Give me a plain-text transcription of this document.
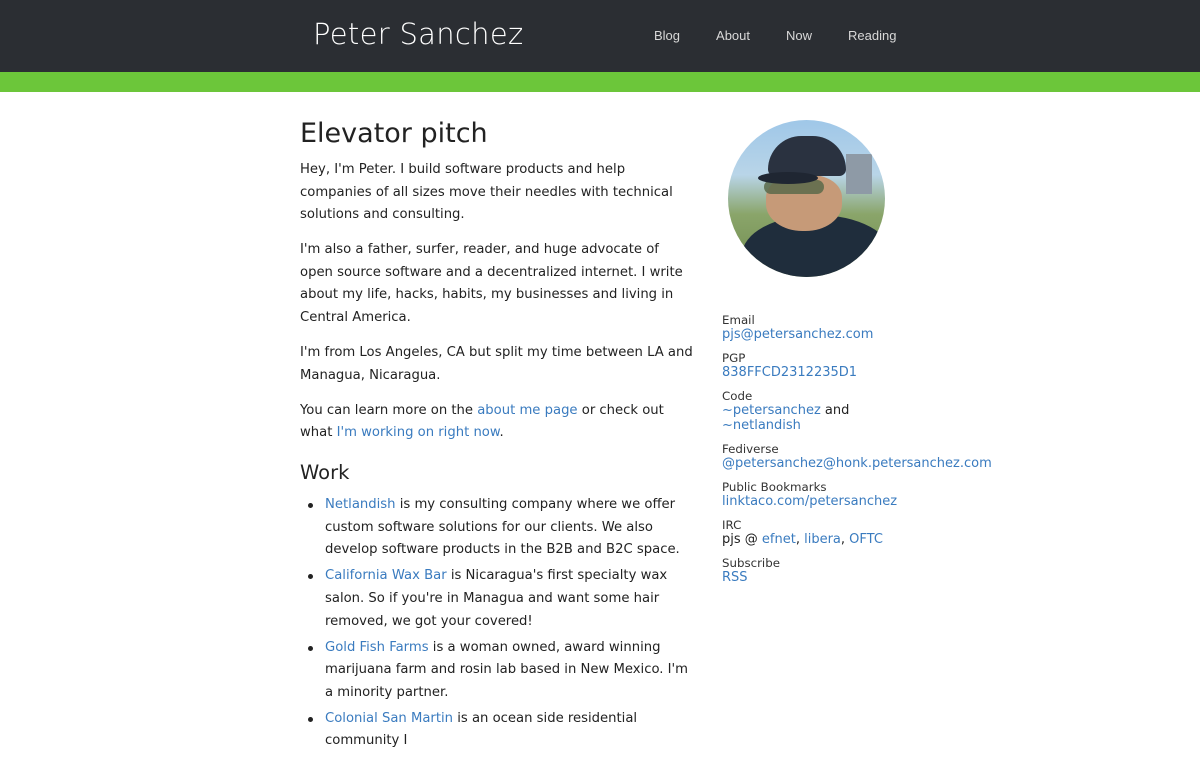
Peter Sanchez	Blog	About	Now	Reading
Elevator pitch

Hey, I'm Peter. I build software products and help companies of all sizes move their needles with technical solutions and consulting.

I'm also a father, surfer, reader, and huge advocate of open source software and a decentralized internet. I write about my life, hacks, habits, my businesses and living in Central America.

I'm from Los Angeles, CA but split my time between LA and Managua, Nicaragua.

You can learn more on the about me page or check out what I'm working on right now.

Work
Netlandish is my consulting company where we offer custom software solutions for our clients. We also develop software products in the B2B and B2C space.
California Wax Bar is Nicaragua's first specialty wax salon. So if you're in Managua and want some hair removed, we got your covered!
Gold Fish Farms is a woman owned, award winning marijuana farm and rosin lab based in New Mexico. I'm a minority partner.
Colonial San Martin is an ocean side residential community I
Email
pjs@petersanchez.com
PGP
838FFCD2312235D1
Code
~petersanchez and
~netlandish
Fediverse
@petersanchez@honk.petersanchez.com
Public Bookmarks
linktaco.com/petersanchez
IRC
pjs @ efnet, libera, OFTC
Subscribe
RSS
